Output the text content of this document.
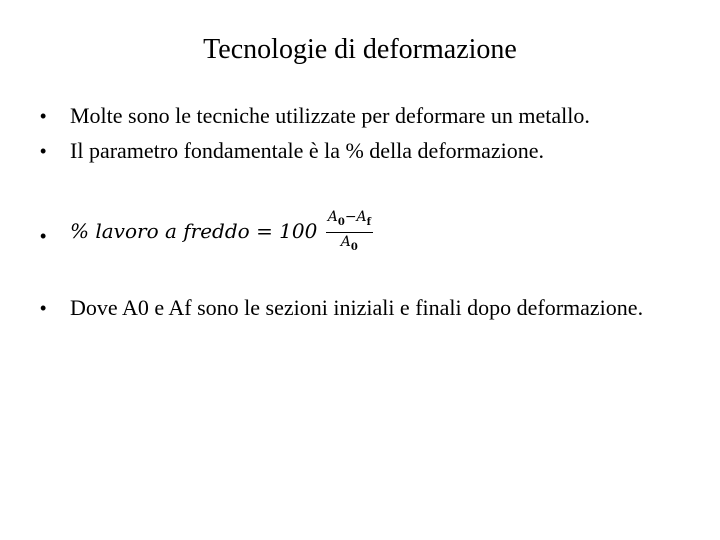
Tecnologie di deformazione
•	Molte sono le tecniche utilizzate per deformare un metallo.
•	Il parametro fondamentale è la % della deformazione.
•	% lavoro a freddo = $100 \frac{A_0-A_f}{A_0}$
•	Dove A0 e Af sono le sezioni iniziali e finali dopo deformazione.
